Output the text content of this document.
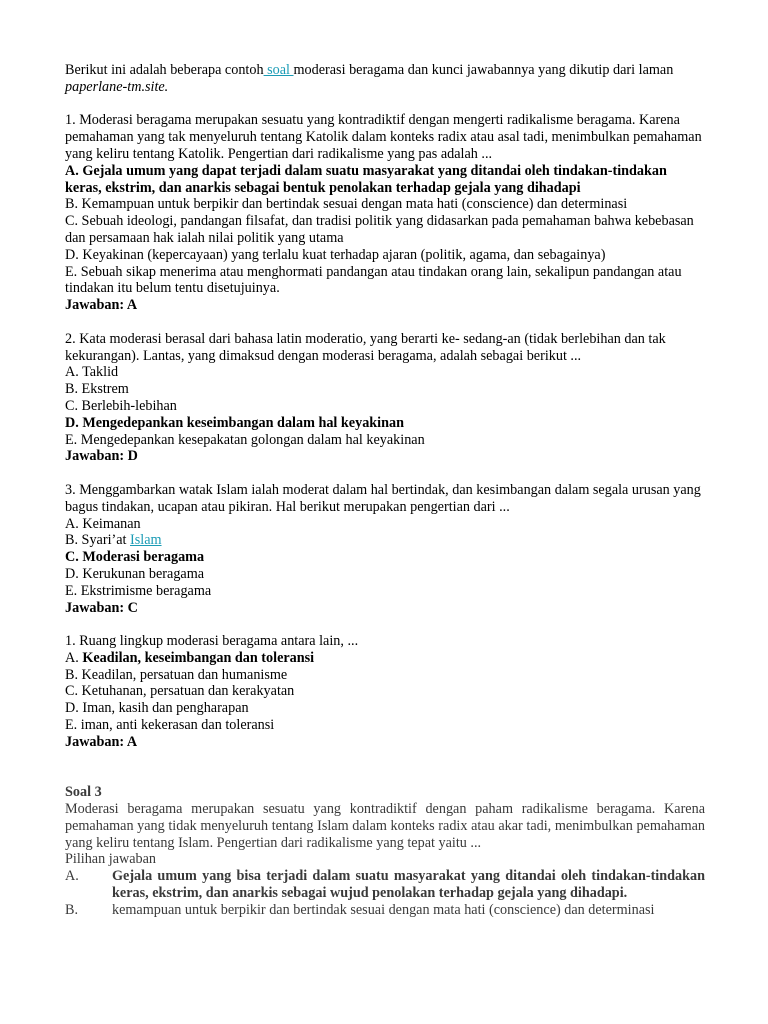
Berikut ini adalah beberapa contoh soal moderasi beragama dan kunci jawabannya yang dikutip dari laman paperlane-tm.site.

1. Moderasi beragama merupakan sesuatu yang kontradiktif dengan mengerti radikalisme beragama. Karena pemahaman yang tak menyeluruh tentang Katolik dalam konteks radix atau asal tadi, menimbulkan pemahaman yang keliru tentang Katolik. Pengertian dari radikalisme yang pas adalah ...

A. Gejala umum yang dapat terjadi dalam suatu masyarakat yang ditandai oleh tindakan-tindakan keras, ekstrim, dan anarkis sebagai bentuk penolakan terhadap gejala yang dihadapi

B. Kemampuan untuk berpikir dan bertindak sesuai dengan mata hati (conscience) dan determinasi

C. Sebuah ideologi, pandangan filsafat, dan tradisi politik yang didasarkan pada pemahaman bahwa kebebasan dan persamaan hak ialah nilai politik yang utama

D. Keyakinan (kepercayaan) yang terlalu kuat terhadap ajaran (politik, agama, dan sebagainya)

E. Sebuah sikap menerima atau menghormati pandangan atau tindakan orang lain, sekalipun pandangan atau tindakan itu belum tentu disetujuinya.

Jawaban: A

2. Kata moderasi berasal dari bahasa latin moderatio, yang berarti ke- sedang-an (tidak berlebihan dan tak kekurangan). Lantas, yang dimaksud dengan moderasi beragama, adalah sebagai berikut ...

A. Taklid

B. Ekstrem

C. Berlebih-lebihan

D. Mengedepankan keseimbangan dalam hal keyakinan

E. Mengedepankan kesepakatan golongan dalam hal keyakinan

Jawaban: D

3. Menggambarkan watak Islam ialah moderat dalam hal bertindak, dan kesimbangan dalam segala urusan yang bagus tindakan, ucapan atau pikiran. Hal berikut merupakan pengertian dari ...

A. Keimanan

B. Syari’at Islam

C. Moderasi beragama

D. Kerukunan beragama

E. Ekstrimisme beragama

Jawaban: C

1. Ruang lingkup moderasi beragama antara lain, ...

A. Keadilan, keseimbangan dan toleransi

B. Keadilan, persatuan dan humanisme

C. Ketuhanan, persatuan dan kerakyatan

D. Iman, kasih dan pengharapan

E. iman, anti kekerasan dan toleransi

Jawaban: A

Soal 3

Moderasi beragama merupakan sesuatu yang kontradiktif dengan paham radikalisme beragama. Karena pemahaman yang tidak menyeluruh tentang Islam dalam konteks radix atau akar tadi, menimbulkan pemahaman yang keliru tentang Islam. Pengertian dari radikalisme yang tepat yaitu ...

Pilihan jawaban

A.	Gejala umum yang bisa terjadi dalam suatu masyarakat yang ditandai oleh tindakan-tindakan keras, ekstrim, dan anarkis sebagai wujud penolakan terhadap gejala yang dihadapi.
B.	kemampuan untuk berpikir dan bertindak sesuai dengan mata hati (conscience) dan determinasi
